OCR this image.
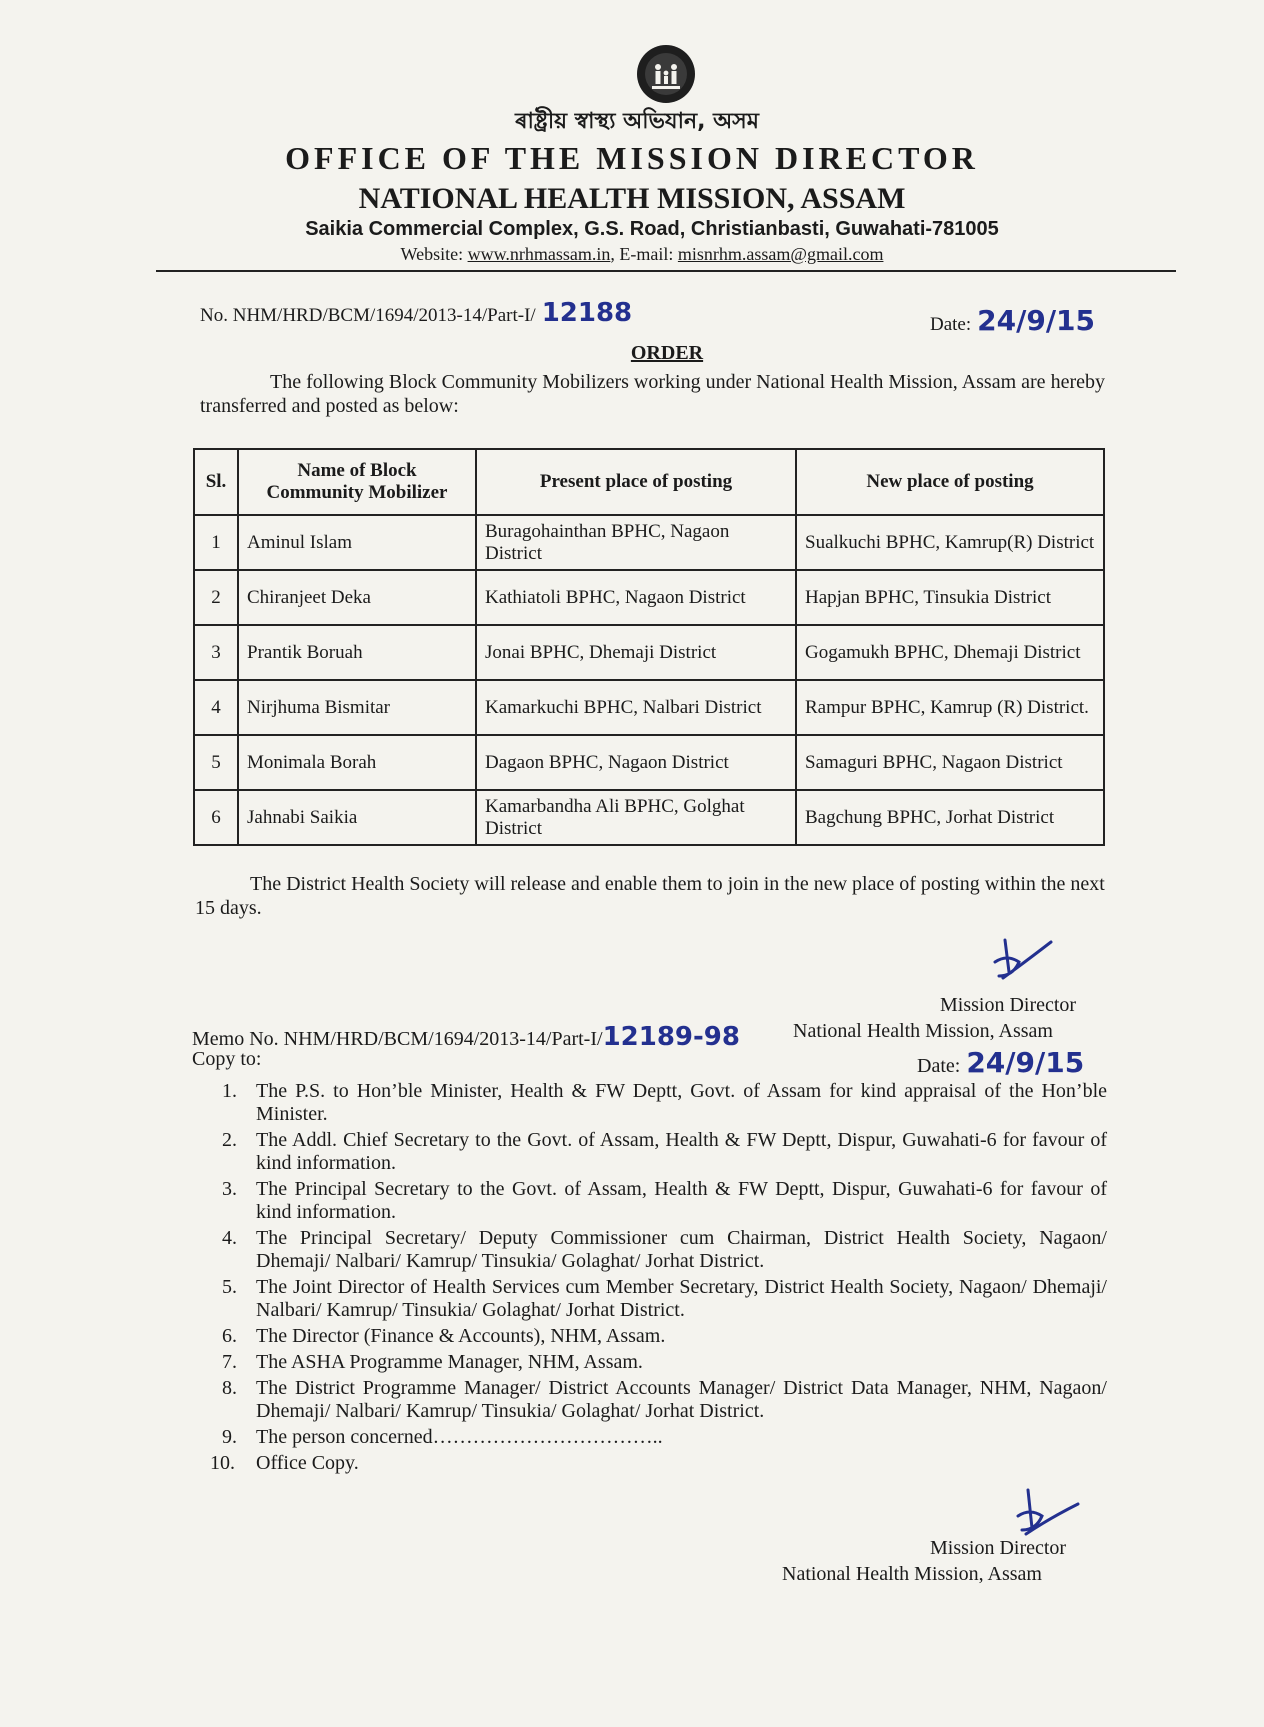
ৰাষ্ট্ৰীয় স্বাস্থ্য অভিযান, অসম
OFFICE OF THE MISSION DIRECTOR
NATIONAL HEALTH MISSION, ASSAM
Saikia Commercial Complex, G.S. Road, Christianbasti, Guwahati-781005
Website: www.nrhmassam.in, E-mail: misnrhm.assam@gmail.com
No. NHM/HRD/BCM/1694/2013-14/Part-I/ 12188	Date: 24/9/15
ORDER
The following Block Community Mobilizers working under National Health Mission, Assam are hereby transferred and posted as below:
Sl.	Name of Block Community Mobilizer	Present place of posting	New place of posting
1	Aminul Islam	Buragohainthan BPHC, Nagaon District	Sualkuchi BPHC, Kamrup(R) District
2	Chiranjeet Deka	Kathiatoli BPHC, Nagaon District	Hapjan BPHC, Tinsukia District
3	Prantik Boruah	Jonai BPHC, Dhemaji District	Gogamukh BPHC, Dhemaji District
4	Nirjhuma Bismitar	Kamarkuchi BPHC, Nalbari District	Rampur BPHC, Kamrup (R) District.
5	Monimala Borah	Dagaon BPHC, Nagaon District	Samaguri BPHC, Nagaon District
6	Jahnabi Saikia	Kamarbandha Ali BPHC, Golghat District	Bagchung BPHC, Jorhat District
The District Health Society will release and enable them to join in the new place of posting within the next 15 days.
Mission Director
National Health Mission, Assam
Memo No. NHM/HRD/BCM/1694/2013-14/Part-I/12189-98
Copy to:	Date: 24/9/15
1. The P.S. to Hon’ble Minister, Health & FW Deptt, Govt. of Assam for kind appraisal of the Hon’ble Minister.
2. The Addl. Chief Secretary to the Govt. of Assam, Health & FW Deptt, Dispur, Guwahati-6 for favour of kind information.
3. The Principal Secretary to the Govt. of Assam, Health & FW Deptt, Dispur, Guwahati-6 for favour of kind information.
4. The Principal Secretary/ Deputy Commissioner cum Chairman, District Health Society, Nagaon/ Dhemaji/ Nalbari/ Kamrup/ Tinsukia/ Golaghat/ Jorhat District.
5. The Joint Director of Health Services cum Member Secretary, District Health Society, Nagaon/ Dhemaji/ Nalbari/ Kamrup/ Tinsukia/ Golaghat/ Jorhat District.
6. The Director (Finance & Accounts), NHM, Assam.
7. The ASHA Programme Manager, NHM, Assam.
8. The District Programme Manager/ District Accounts Manager/ District Data Manager, NHM, Nagaon/ Dhemaji/ Nalbari/ Kamrup/ Tinsukia/ Golaghat/ Jorhat District.
9. The person concerned……………………………..
10.	Office Copy.
Mission Director
National Health Mission, Assam
